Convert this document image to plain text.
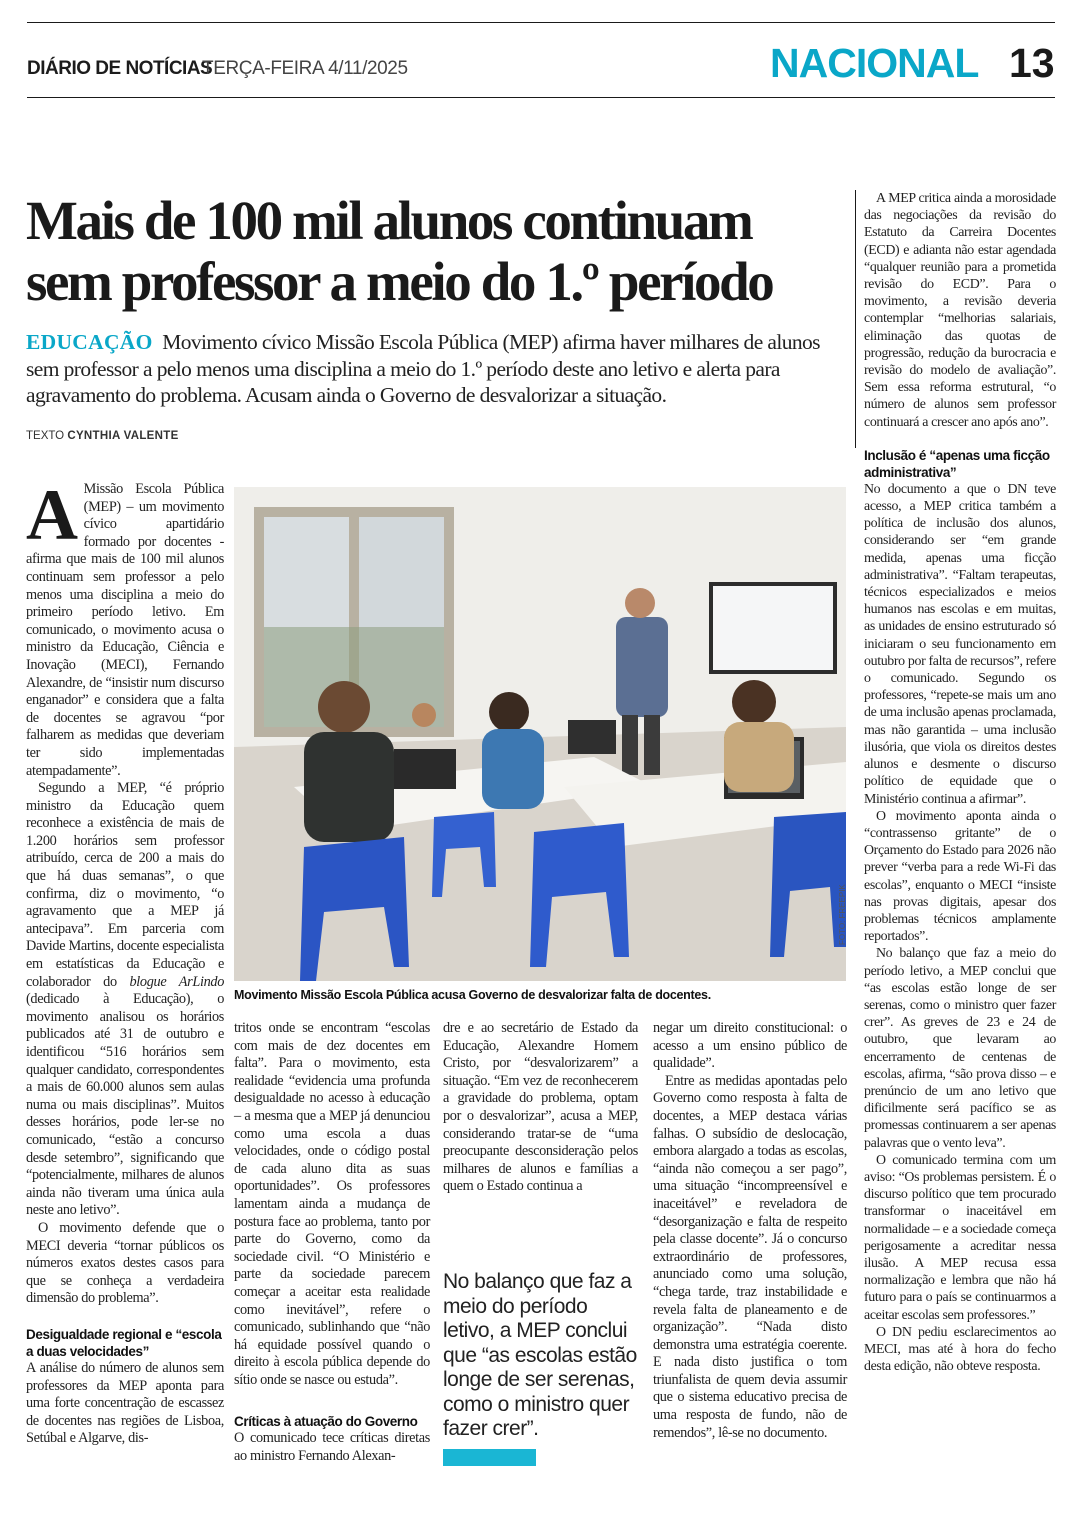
DIÁRIO DE NOTÍCIAS
TERÇA-FEIRA 4/11/2025	NACIONAL 13
Mais de 100 mil alunos continuam
sem professor a meio do 1.º período
EDUCAÇÃO Movimento cívico Missão Escola Pública (MEP) afirma haver milhares de alunos sem professor a pelo menos uma disciplina a meio do 1.º período deste ano letivo e alerta para agravamento do problema. Acusam ainda o Governo de desvalorizar a situação.
TEXTO CYNTHIA VALENTE

A Missão Escola Pública (MEP) – um movimento cívico apartidário formado por docentes - afirma que mais de 100 mil alunos continuam sem professor a pelo menos uma disciplina a meio do primeiro período letivo. Em comunicado, o movimento acusa o ministro da Educação, Ciência e Inovação (MECI), Fernando Alexandre, de “insistir num discurso enganador” e considera que a falta de docentes se agravou “por falharem as medidas que deveriam ter sido implementadas atempadamente”.

Segundo a MEP, “é próprio ministro da Educação quem reconhece a existência de mais de 1.200 horários sem professor atribuído, cerca de 200 a mais do que há duas semanas”, o que confirma, diz o movimento, “o agravamento que a MEP já antecipava”. Em parceria com Davide Martins, docente especialista em estatísticas da Educação e colaborador do blogue ArLindo (dedicado à Educação), o movimento analisou os horários publicados até 31 de outubro e identificou “516 horários sem qualquer candidato, correspondentes a mais de 60.000 alunos sem aulas numa ou mais disciplinas”. Muitos desses horários, pode ler-se no comunicado, “estão a concurso desde setembro”, significando que “potencialmente, milhares de alunos ainda não tiveram uma única aula neste ano letivo”.

O movimento defende que o MECI deveria “tornar públicos os números exatos destes casos para que se conheça a verdadeira dimensão do problema”.

Desigualdade regional e “escola a duas velocidades”

A análise do número de alunos sem professores da MEP aponta para uma forte concentração de escassez de docentes nas regiões de Lisboa, Setúbal e Algarve, dis-

FOTO: FREEPIK
Movimento Missão Escola Pública acusa Governo de desvalorizar falta de docentes.

tritos onde se encontram “escolas com mais de dez docentes em falta”. Para o movimento, esta realidade “evidencia uma profunda desigualdade no acesso à educação – a mesma que a MEP já denunciou como uma escola a duas velocidades, onde o código postal de cada aluno dita as suas oportunidades”. Os professores lamentam ainda a mudança de postura face ao problema, tanto por parte do Governo, como da sociedade civil. “O Ministério e parte da sociedade parecem começar a aceitar esta realidade como inevitável”, refere o comunicado, sublinhando que “não há equidade possível quando o direito à escola pública depende do sítio onde se nasce ou estuda”.

Críticas à atuação do Governo

O comunicado tece críticas diretas ao ministro Fernando Alexan-

dre e ao secretário de Estado da Educação, Alexandre Homem Cristo, por “desvalorizarem” a situação. “Em vez de reconhecerem a gravidade do problema, optam por o desvalorizar”, acusa a MEP, considerando tratar-se de “uma preocupante desconsideração pelos milhares de alunos e famílias a quem o Estado continua a

No balanço que faz a meio do período letivo, a MEP conclui que “as escolas estão longe de ser serenas, como o ministro quer fazer crer”.

negar um direito constitucional: o acesso a um ensino público de qualidade”.

Entre as medidas apontadas pelo Governo como resposta à falta de docentes, a MEP destaca várias falhas. O subsídio de deslocação, embora alargado a todas as escolas, “ainda não começou a ser pago”, uma situação “incompreensível e inaceitável” e reveladora de “desorganização e falta de respeito pela classe docente”. Já o concurso extraordinário de professores, anunciado como uma solução, “chega tarde, traz instabilidade e revela falta de planeamento e de organização”. “Nada disto demonstra uma estratégia coerente. E nada disto justifica o tom triunfalista de quem devia assumir que o sistema educativo precisa de uma resposta de fundo, não de remendos”, lê-se no documento.

A MEP critica ainda a morosidade das negociações da revisão do Estatuto da Carreira Docentes (ECD) e adianta não estar agendada “qualquer reunião para a prometida revisão do ECD”. Para o movimento, a revisão deveria contemplar “melhorias salariais, eliminação das quotas de progressão, redução da burocracia e revisão do modelo de avaliação”. Sem essa reforma estrutural, “o número de alunos sem professor continuará a crescer ano após ano”.

Inclusão é “apenas uma ficção administrativa”

No documento a que o DN teve acesso, a MEP critica também a política de inclusão dos alunos, considerando ser “em grande medida, apenas uma ficção administrativa”. “Faltam terapeutas, técnicos especializados e meios humanos nas escolas e em muitas, as unidades de ensino estruturado só iniciaram o seu funcionamento em outubro por falta de recursos”, refere o comunicado. Segundo os professores, “repete-se mais um ano de uma inclusão apenas proclamada, mas não garantida – uma inclusão ilusória, que viola os direitos destes alunos e desmente o discurso político de equidade que o Ministério continua a afirmar”.

O movimento aponta ainda o “contrassenso gritante” de o Orçamento do Estado para 2026 não prever “verba para a rede Wi-Fi das escolas”, enquanto o MECI “insiste nas provas digitais, apesar dos problemas técnicos amplamente reportados”.

No balanço que faz a meio do período letivo, a MEP conclui que “as escolas estão longe de ser serenas, como o ministro quer fazer crer”. As greves de 23 e 24 de outubro, que levaram ao encerramento de centenas de escolas, afirma, “são prova disso – e prenúncio de um ano letivo que dificilmente será pacífico se as promessas continuarem a ser apenas palavras que o vento leva”.

O comunicado termina com um aviso: “Os problemas persistem. É o discurso político que tem procurado transformar o inaceitável em normalidade – e a sociedade começa perigosamente a acreditar nessa ilusão. A MEP recusa essa normalização e lembra que não há futuro para o país se continuarmos a aceitar escolas sem professores.”

O DN pediu esclarecimentos ao MECI, mas até à hora do fecho desta edição, não obteve resposta.
